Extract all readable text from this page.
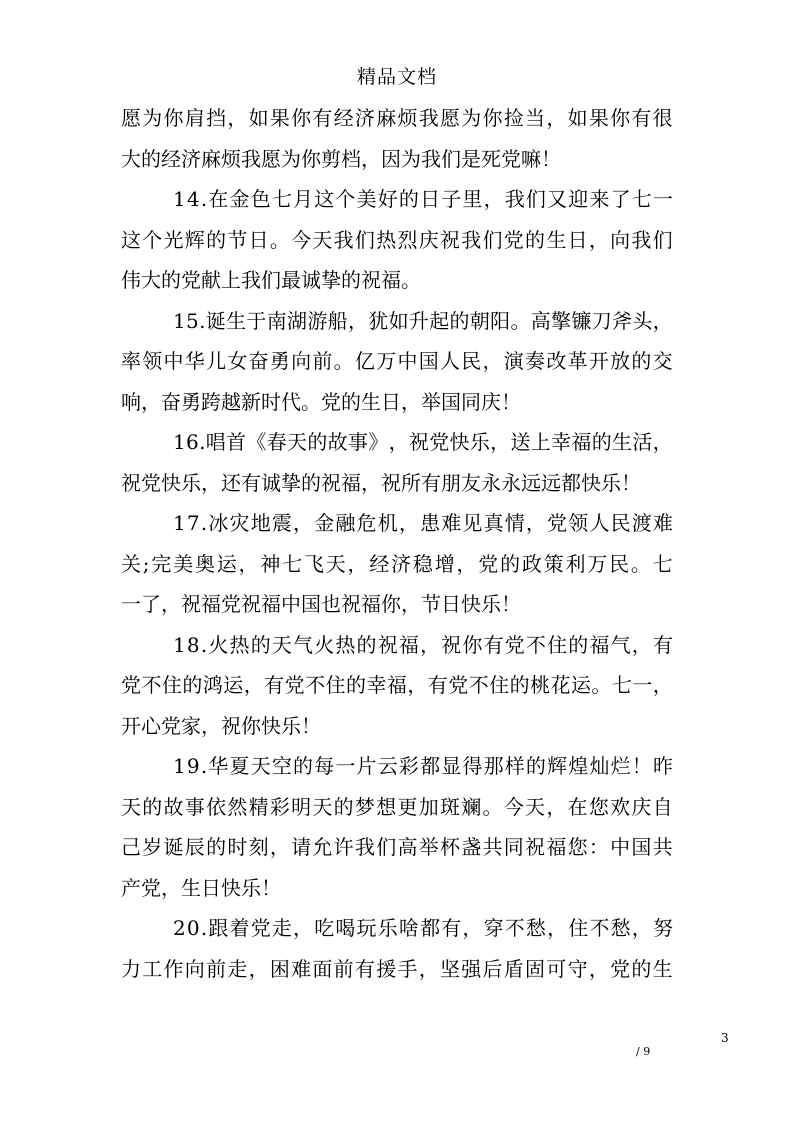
精品文档
愿 为 你 肩 挡 ， 如 果 你 有 经 济 麻 烦 我 愿 为 你 捡 当 ， 如 果 你 有 很
大的经济麻烦我愿为你剪档，因为我们是死党嘛！
1 4 . 在 金 色 七 月 这 个 美 好 的 日 子 里 ， 我 们 又 迎 来 了 七 一
这 个 光 辉 的 节 日 。 今 天 我 们 热 烈 庆 祝 我 们 党 的 生 日 ， 向 我 们
伟大的党献上我们最诚挚的祝福。
1 5 . 诞 生 于 南 湖 游 船 ， 犹 如 升 起 的 朝 阳 。 高 擎 镰 刀 斧 头 ，
率 领 中 华 儿 女 奋 勇 向 前 。 亿 万 中 国 人 民 ， 演 奏 改 革 开 放 的 交
响，奋勇跨越新时代。党的生日，举国同庆！
1 6 . 唱 首 《 春 天 的 故 事 》 ， 祝 党 快 乐 ， 送 上 幸 福 的 生 活 ，
祝党快乐，还有诚挚的祝福，祝所有朋友永永远远都快乐！
1 7 . 冰 灾 地 震 ， 金 融 危 机 ， 患 难 见 真 情 ， 党 领 人 民 渡 难
关 ; 完 美 奥 运 ， 神 七 飞 天 ， 经 济 稳 增 ， 党 的 政 策 利 万 民 。 七
一了，祝福党祝福中国也祝福你，节日快乐！
1 8 . 火 热 的 天 气 火 热 的 祝 福 ， 祝 你 有 党 不 住 的 福 气 ， 有
党 不 住 的 鸿 运 ， 有 党 不 住 的 幸 福 ， 有 党 不 住 的 桃 花 运 。 七 一 ，
开心党家，祝你快乐！
1 9 . 华 夏 天 空 的 每 一 片 云 彩 都 显 得 那 样 的 辉 煌 灿 烂 ！ 昨
天 的 故 事 依 然 精 彩 明 天 的 梦 想 更 加 斑 斓 。 今 天 ， 在 您 欢 庆 自
己 岁 诞 辰 的 时 刻 ， 请 允 许 我 们 高 举 杯 盏 共 同 祝 福 您 ： 中 国 共
产党，生日快乐！
2 0 . 跟 着 党 走 ， 吃 喝 玩 乐 啥 都 有 ， 穿 不 愁 ， 住 不 愁 ， 努
力 工 作 向 前 走 ， 困 难 面 前 有 援 手 ， 坚 强 后 盾 固 可 守 ， 党 的 生
3
/ 9
